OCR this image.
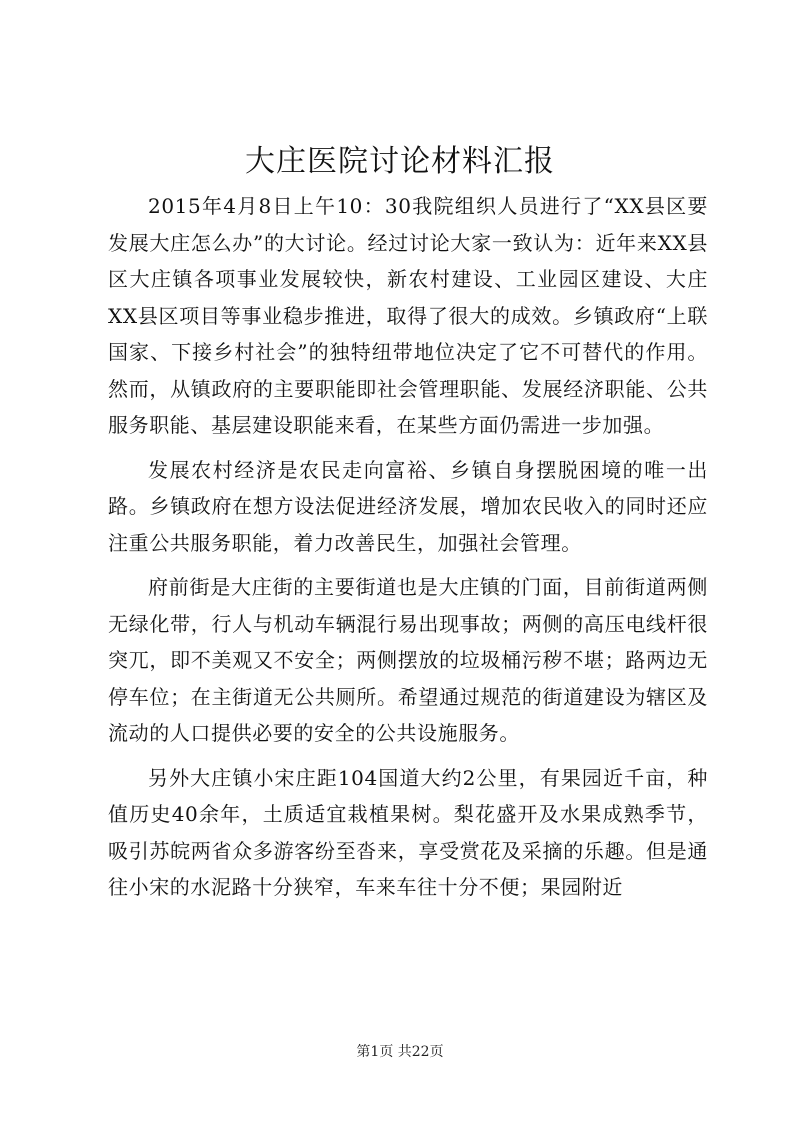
大庄医院讨论材料汇报

2015年4月8日上午10：30我院组织人员进行了“XX县区要发展大庄怎么办”的大讨论。经过讨论大家一致认为：近年来XX县区大庄镇各项事业发展较快，新农村建设、工业园区建设、大庄XX县区项目等事业稳步推进，取得了很大的成效。乡镇政府“上联国家、下接乡村社会”的独特纽带地位决定了它不可替代的作用。然而，从镇政府的主要职能即社会管理职能、发展经济职能、公共服务职能、基层建设职能来看，在某些方面仍需进一步加强。

发展农村经济是农民走向富裕、乡镇自身摆脱困境的唯一出路。乡镇政府在想方设法促进经济发展，增加农民收入的同时还应注重公共服务职能，着力改善民生，加强社会管理。

府前街是大庄街的主要街道也是大庄镇的门面，目前街道两侧无绿化带，行人与机动车辆混行易出现事故；两侧的高压电线杆很突兀，即不美观又不安全；两侧摆放的垃圾桶污秽不堪；路两边无停车位；在主街道无公共厕所。希望通过规范的街道建设为辖区及流动的人口提供必要的安全的公共设施服务。

另外大庄镇小宋庄距104国道大约2公里，有果园近千亩，种值历史40余年，土质适宜栽植果树。梨花盛开及水果成熟季节，吸引苏皖两省众多游客纷至沓来，享受赏花及采摘的乐趣。但是通往小宋的水泥路十分狭窄，车来车往十分不便；果园附近

第1页 共22页
